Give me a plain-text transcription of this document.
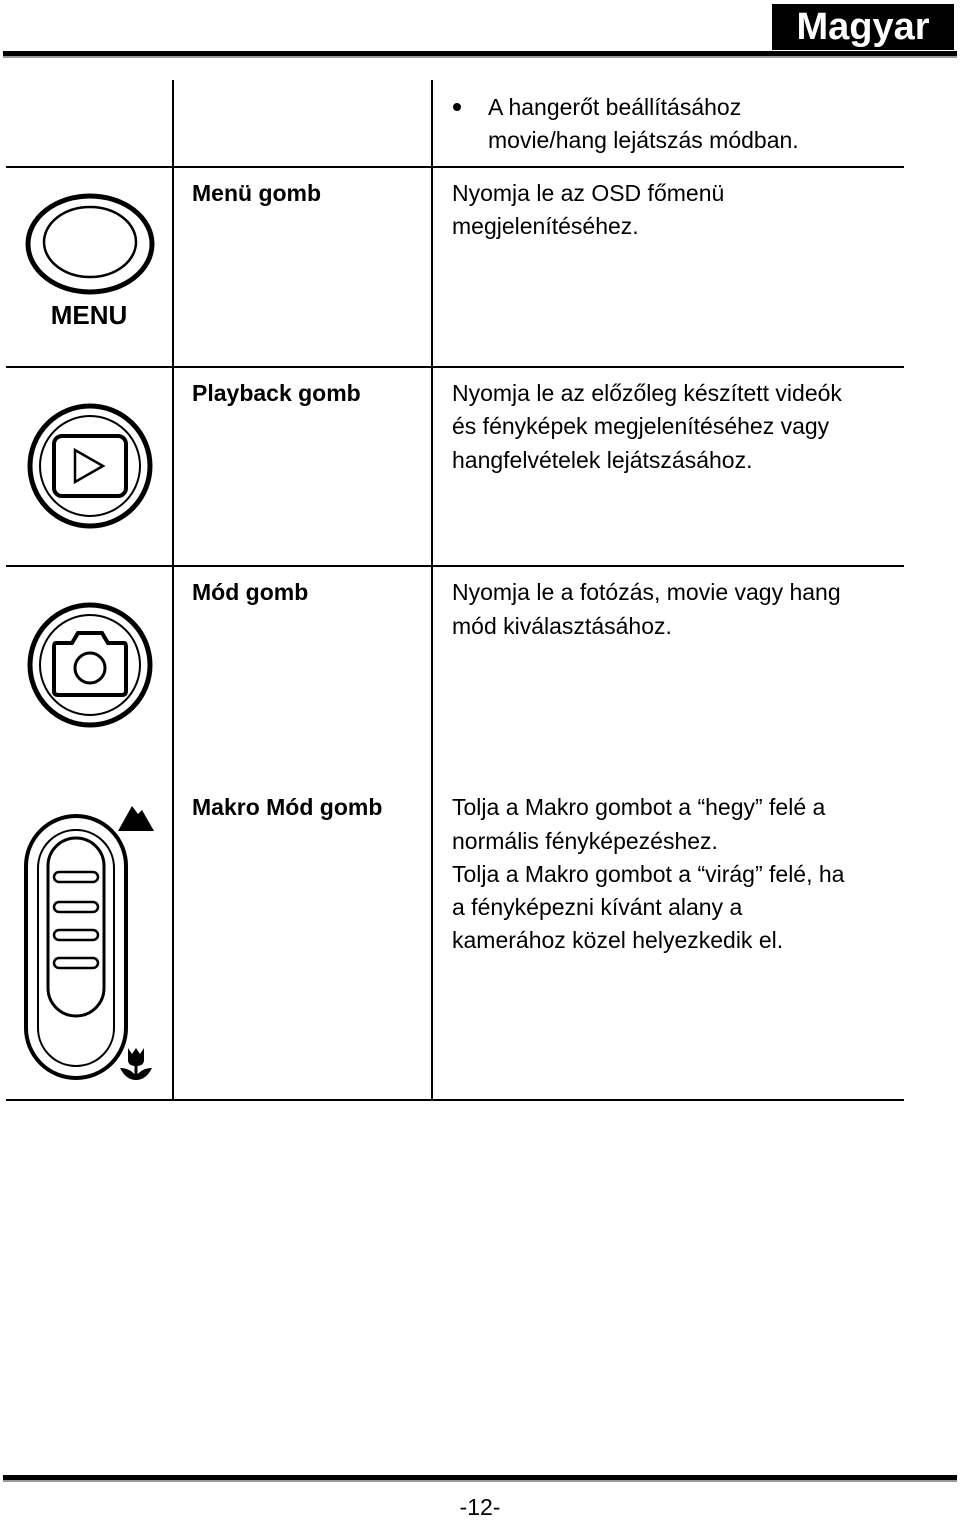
Magyar
A hangerőt beállításához
movie/hang lejátszás módban.
MENU
Menü gomb	Nyomja le az OSD főmenü
megjelenítéséhez.
Playback gomb	Nyomja le az előzőleg készített videók
és fényképek megjelenítéséhez vagy
hangfelvételek lejátszásához.
Mód gomb	Nyomja le a fotózás, movie vagy hang
mód kiválasztásához.
Makro Mód gomb	Tolja a Makro gombot a “hegy” felé a
normális fényképezéshez.
Tolja a Makro gombot a “virág” felé, ha
a fényképezni kívánt alany a
kamerához közel helyezkedik el.
-12-
